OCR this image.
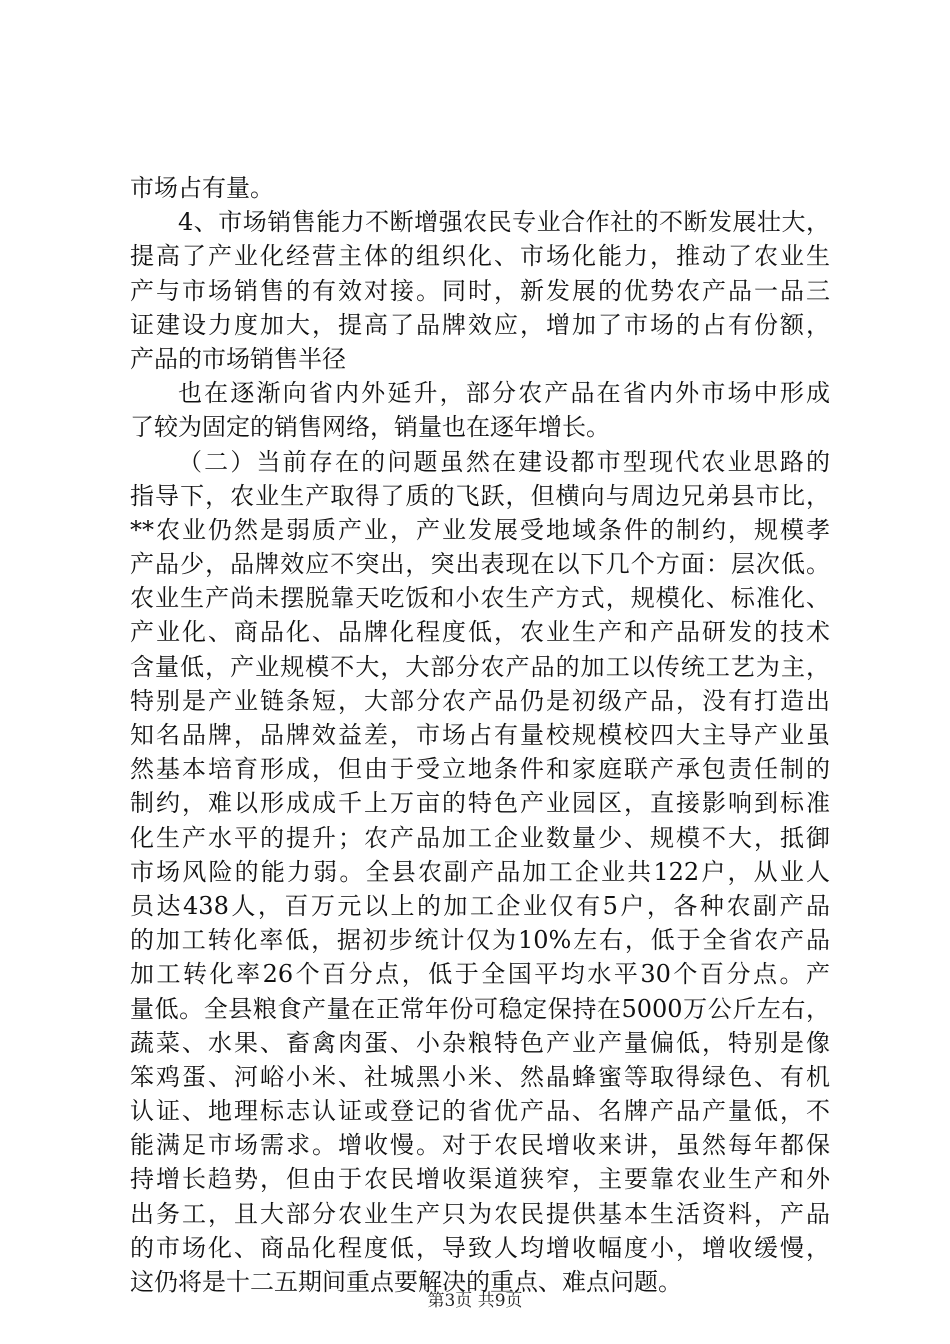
市场占有量。
4、市场销售能力不断增强农民专业合作社的不断发展壮大，
提高了产业化经营主体的组织化、市场化能力，推动了农业生
产与市场销售的有效对接。同时，新发展的优势农产品一品三
证建设力度加大，提高了品牌效应，增加了市场的占有份额，
产品的市场销售半径
也在逐渐向省内外延升，部分农产品在省内外市场中形成
了较为固定的销售网络，销量也在逐年增长。
（二）当前存在的问题虽然在建设都市型现代农业思路的
指导下，农业生产取得了质的飞跃，但横向与周边兄弟县市比，
**农业仍然是弱质产业，产业发展受地域条件的制约，规模孝
产品少，品牌效应不突出，突出表现在以下几个方面：层次低。
农业生产尚未摆脱靠天吃饭和小农生产方式，规模化、标准化、
产业化、商品化、品牌化程度低，农业生产和产品研发的技术
含量低，产业规模不大，大部分农产品的加工以传统工艺为主，
特别是产业链条短，大部分农产品仍是初级产品，没有打造出
知名品牌，品牌效益差，市场占有量校规模校四大主导产业虽
然基本培育形成，但由于受立地条件和家庭联产承包责任制的
制约，难以形成成千上万亩的特色产业园区，直接影响到标准
化生产水平的提升；农产品加工企业数量少、规模不大，抵御
市场风险的能力弱。全县农副产品加工企业共122户，从业人
员达438人，百万元以上的加工企业仅有5户，各种农副产品
的加工转化率低，据初步统计仅为10%左右，低于全省农产品
加工转化率26个百分点，低于全国平均水平30个百分点。产
量低。全县粮食产量在正常年份可稳定保持在5000万公斤左右，
蔬菜、水果、畜禽肉蛋、小杂粮特色产业产量偏低，特别是像
笨鸡蛋、河峪小米、社城黑小米、然晶蜂蜜等取得绿色、有机
认证、地理标志认证或登记的省优产品、名牌产品产量低，不
能满足市场需求。增收慢。对于农民增收来讲，虽然每年都保
持增长趋势，但由于农民增收渠道狭窄，主要靠农业生产和外
出务工，且大部分农业生产只为农民提供基本生活资料，产品
的市场化、商品化程度低，导致人均增收幅度小，增收缓慢，
这仍将是十二五期间重点要解决的重点、难点问题。
第3页 共9页
